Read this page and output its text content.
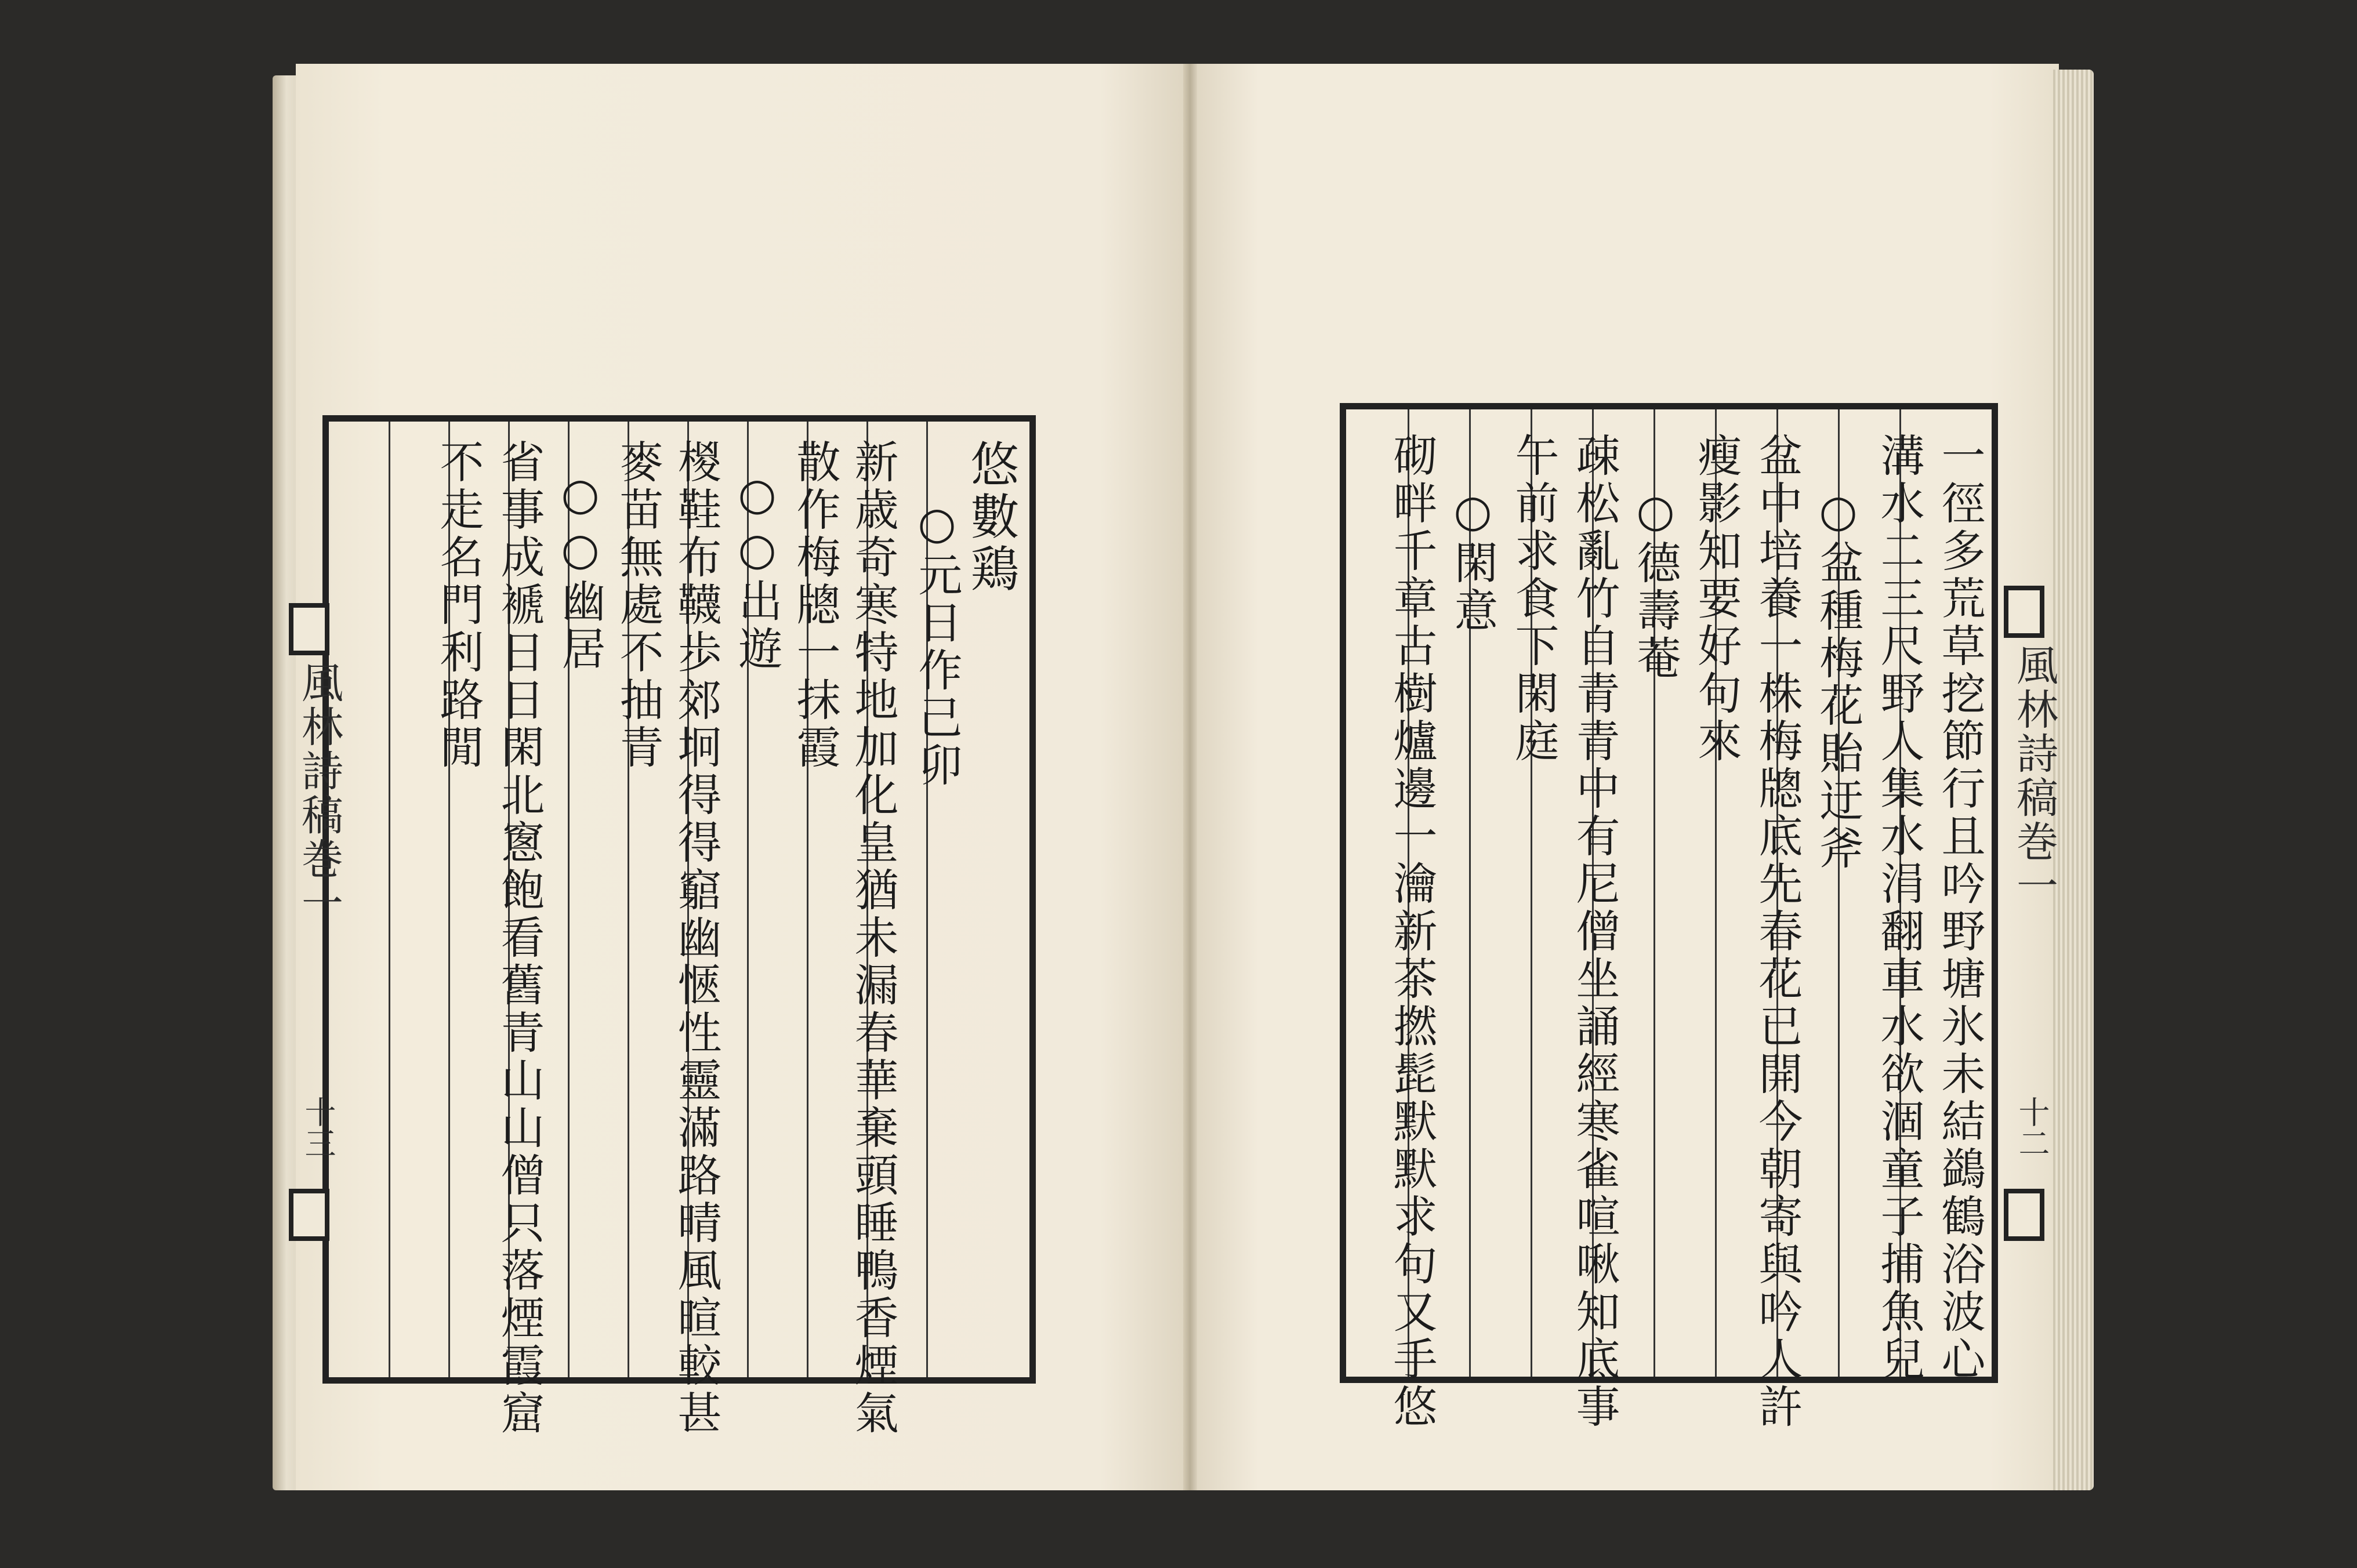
悠數鶏
○元日作己卯
新歳奇寒特地加化皇猶未漏春華棄頭睡鴨香煙氣
散作梅牕一抹霞
○○出遊
椶鞋布韈歩郊坰得得竆幽愜性靈滿路晴風暄較甚
麥苗無處不抽青
○○幽居
省事成褫日日閑北窻飽看舊青山山僧只落煙霞窟
不走名門利路閒
風林詩稿巻一
十三	一徑多荒草挖節行且吟野塘氷未結鷁鶴浴波心
溝水二三尺野人集水涓翻車水欲涸童子捕魚兒
○盆種梅花貽迂斧
盆中培養一株梅牕底先春花已開今朝寄與吟人許
瘦影知要好句來
○德壽菴
疎松亂竹自青青中有尼僧坐誦經寒雀喧啾知底事
午前求食下閑庭
○閑意
砌畔千章古樹爐邊一瀹新茶撚髭默默求句又手悠	風林詩稿巻一
十二
